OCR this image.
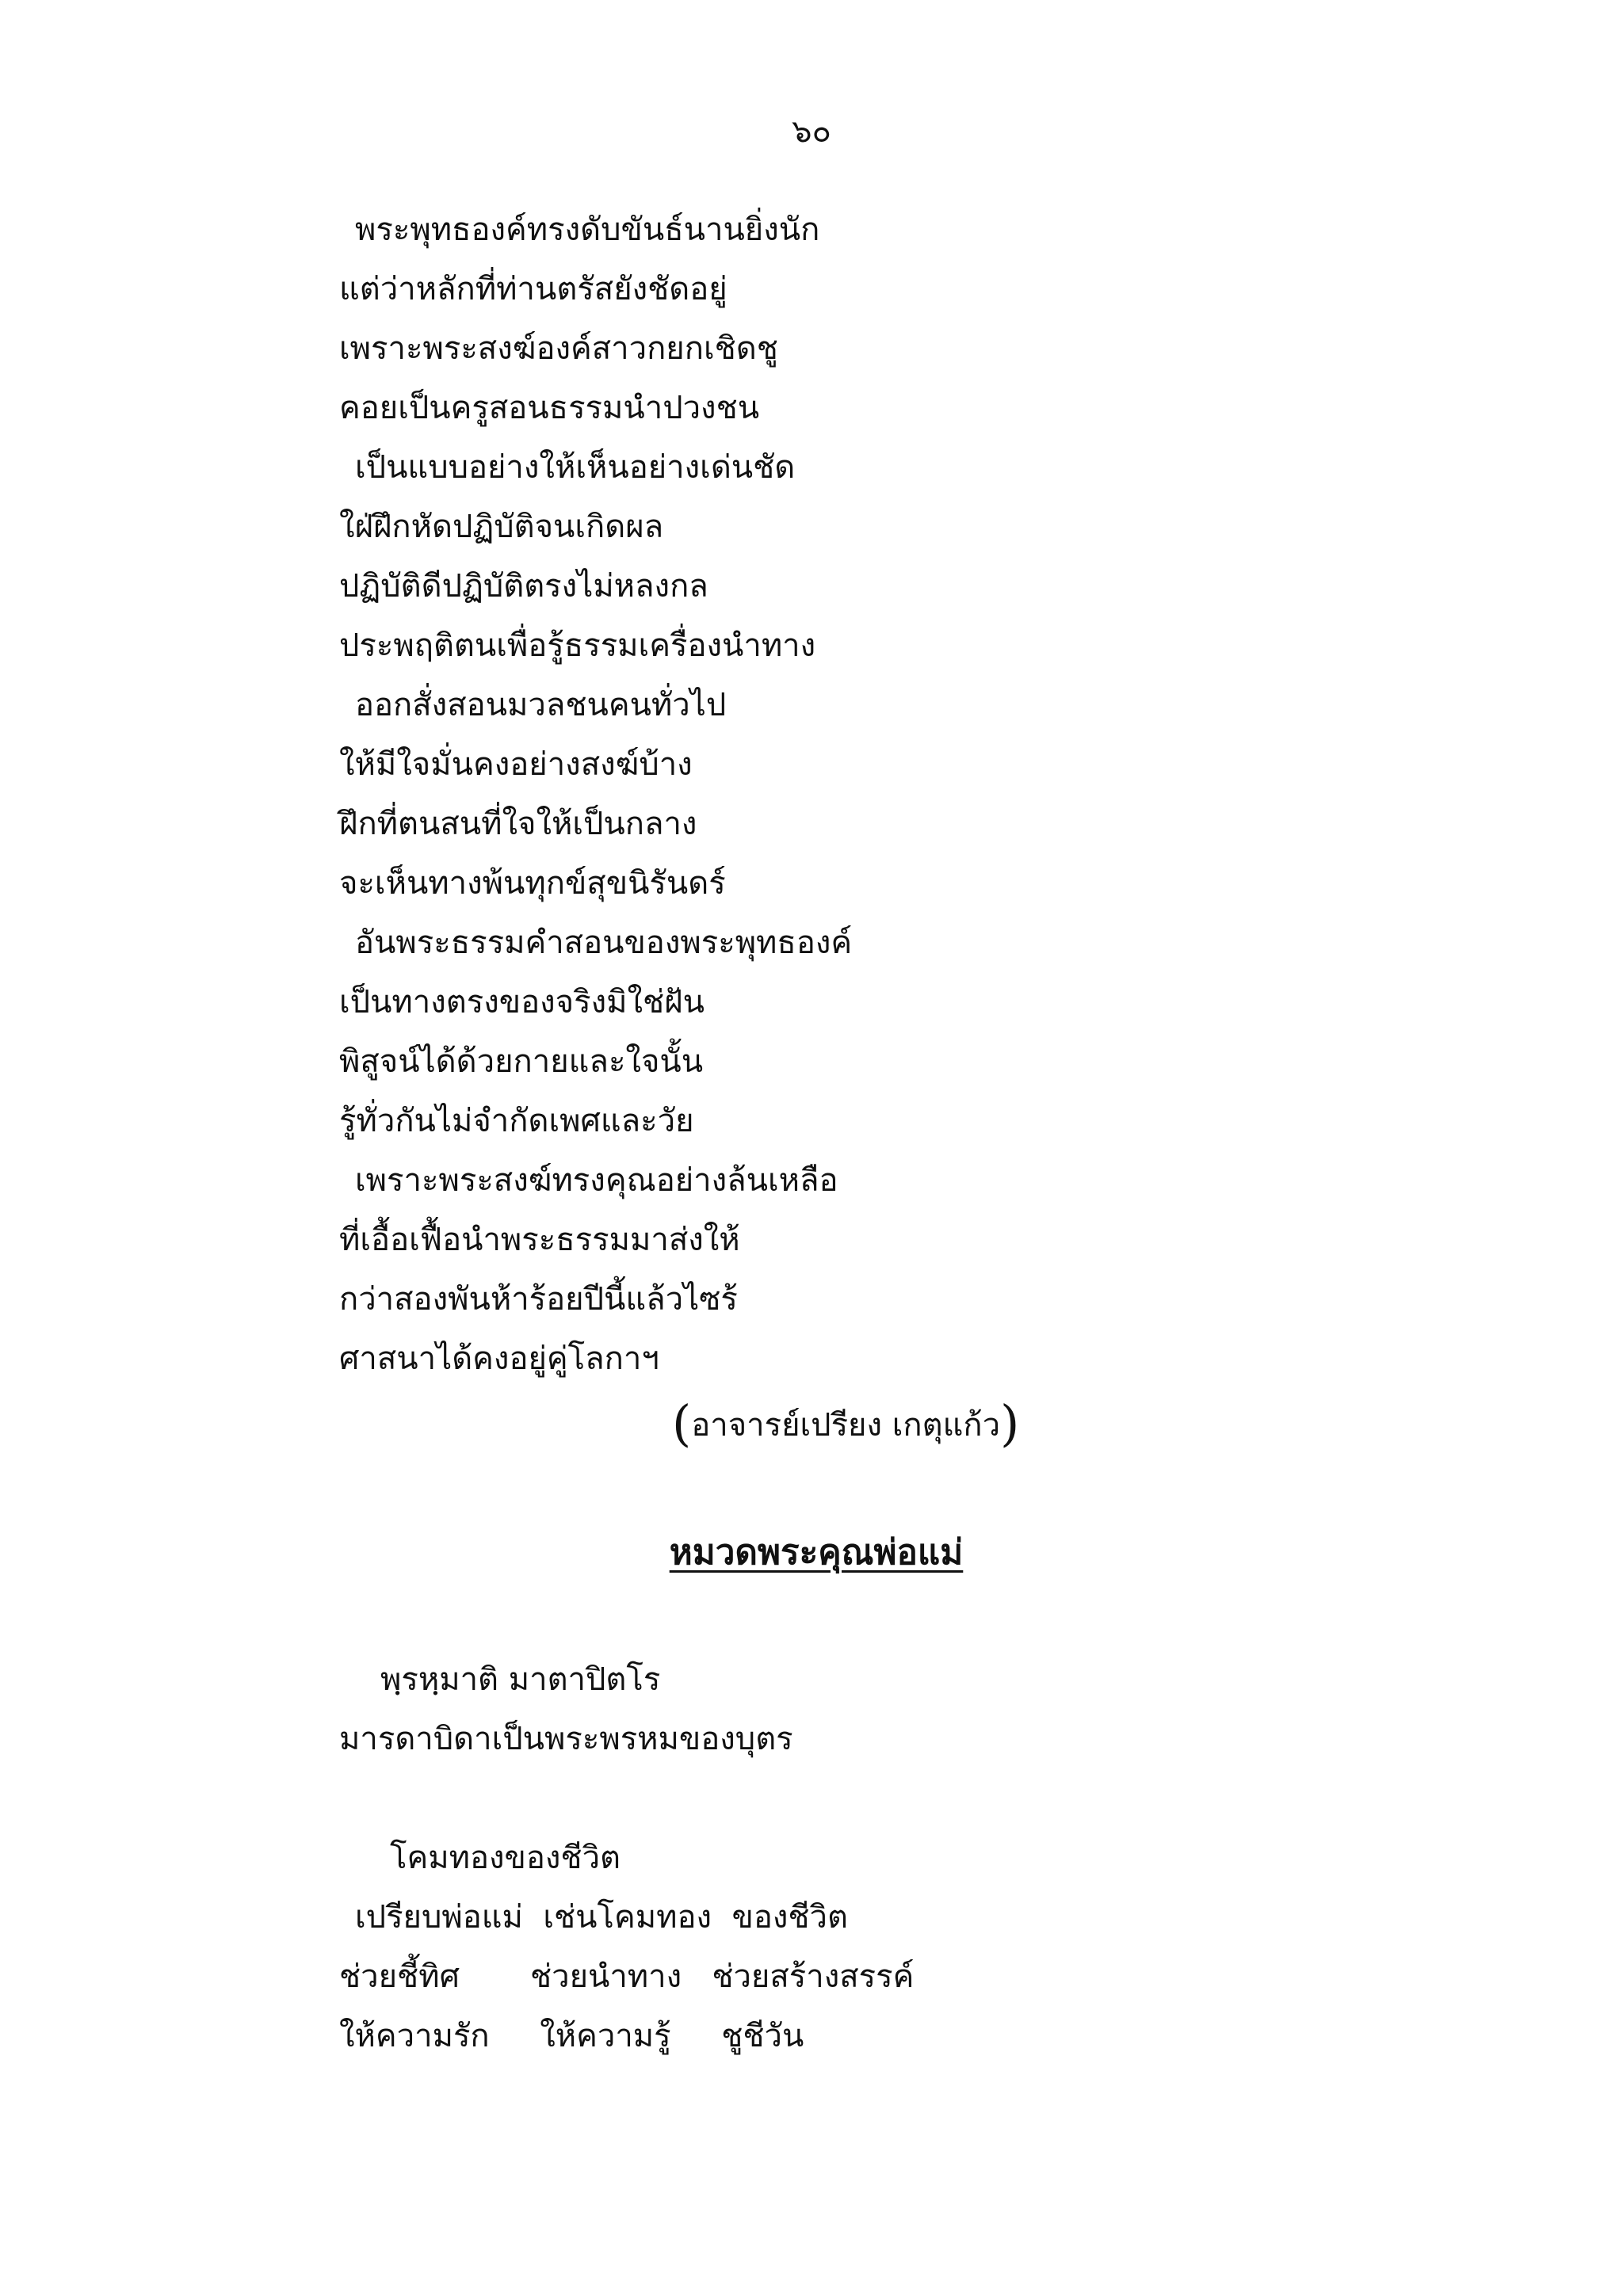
๖๐
พระพุทธองค์ทรงดับขันธ์นานยิ่งนัก
แต่ว่าหลักที่ท่านตรัสยังชัดอยู่
เพราะพระสงฆ์องค์สาวกยกเชิดชู
คอยเป็นครูสอนธรรมนำปวงชน
เป็นแบบอย่างให้เห็นอย่างเด่นชัด
ใฝ่ฝึกหัดปฏิบัติจนเกิดผล
ปฏิบัติดีปฏิบัติตรงไม่หลงกล
ประพฤติตนเพื่อรู้ธรรมเครื่องนำทาง
ออกสั่งสอนมวลชนคนทั่วไป
ให้มีใจมั่นคงอย่างสงฆ์บ้าง
ฝึกที่ตนสนที่ใจให้เป็นกลาง
จะเห็นทางพ้นทุกข์สุขนิรันดร์
อันพระธรรมคำสอนของพระพุทธองค์
เป็นทางตรงของจริงมิใช่ฝัน
พิสูจน์ได้ด้วยกายและใจนั้น
รู้ทั่วกันไม่จำกัดเพศและวัย
เพราะพระสงฆ์ทรงคุณอย่างล้นเหลือ
ที่เอื้อเฟื้อนำพระธรรมมาส่งให้
กว่าสองพันห้าร้อยปีนี้แล้วไซร้
ศาสนาได้คงอยู่คู่โลกาฯ
(อาจารย์เปรียง เกตุแก้ว)
หมวดพระคุณพ่อแม่
พฺรหฺมาติ มาตาปิตโร
มารดาบิดาเป็นพระพรหมของบุตร
โคมทองของชีวิต
เปรียบพ่อแม่  เช่นโคมทอง  ของชีวิต
ช่วยชี้ทิศ       ช่วยนำทาง   ช่วยสร้างสรรค์
ให้ความรัก     ให้ความรู้     ชูชีวัน
